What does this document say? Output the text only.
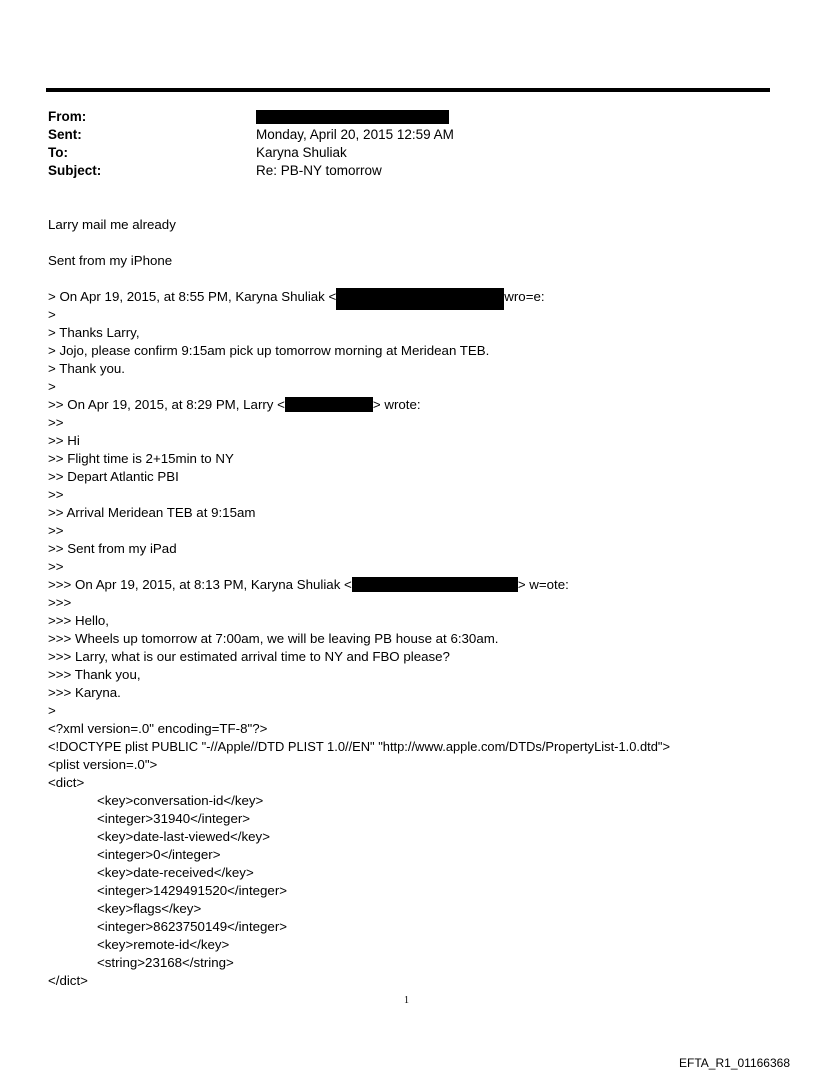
From:
Sent:	Monday, April 20, 2015 12:59 AM
To:	Karyna Shuliak
Subject:	Re: PB-NY tomorrow
Larry mail me already
Sent from my iPhone
> On Apr 19, 2015, at 8:55 PM, Karyna Shuliak <	wro=e:
>
> Thanks Larry,
> Jojo, please confirm 9:15am pick up tomorrow morning at Meridean TEB.
> Thank you.
>
>> On Apr 19, 2015, at 8:29 PM, Larry <	> wrote:
>>
>> Hi
>> Flight time is 2+15min to NY
>> Depart Atlantic PBI
>>
>> Arrival Meridean TEB at 9:15am
>>
>> Sent from my iPad
>>
>>> On Apr 19, 2015, at 8:13 PM, Karyna Shuliak <	> w=ote:
>>>
>>> Hello,
>>> Wheels up tomorrow at 7:00am, we will be leaving PB house at 6:30am.
>>> Larry, what is our estimated arrival time to NY and FBO please?
>>> Thank you,
>>> Karyna.
>
<?xml version=.0" encoding=TF-8"?>
<!DOCTYPE plist PUBLIC "-//Apple//DTD PLIST 1.0//EN" "http://www.apple.com/DTDs/PropertyList-1.0.dtd">
<plist version=.0">
<dict>
<key>conversation-id</key>
<integer>31940</integer>
<key>date-last-viewed</key>
<integer>0</integer>
<key>date-received</key>
<integer>1429491520</integer>
<key>flags</key>
<integer>8623750149</integer>
<key>remote-id</key>
<string>23168</string>
</dict>
1
EFTA_R1_01166368
